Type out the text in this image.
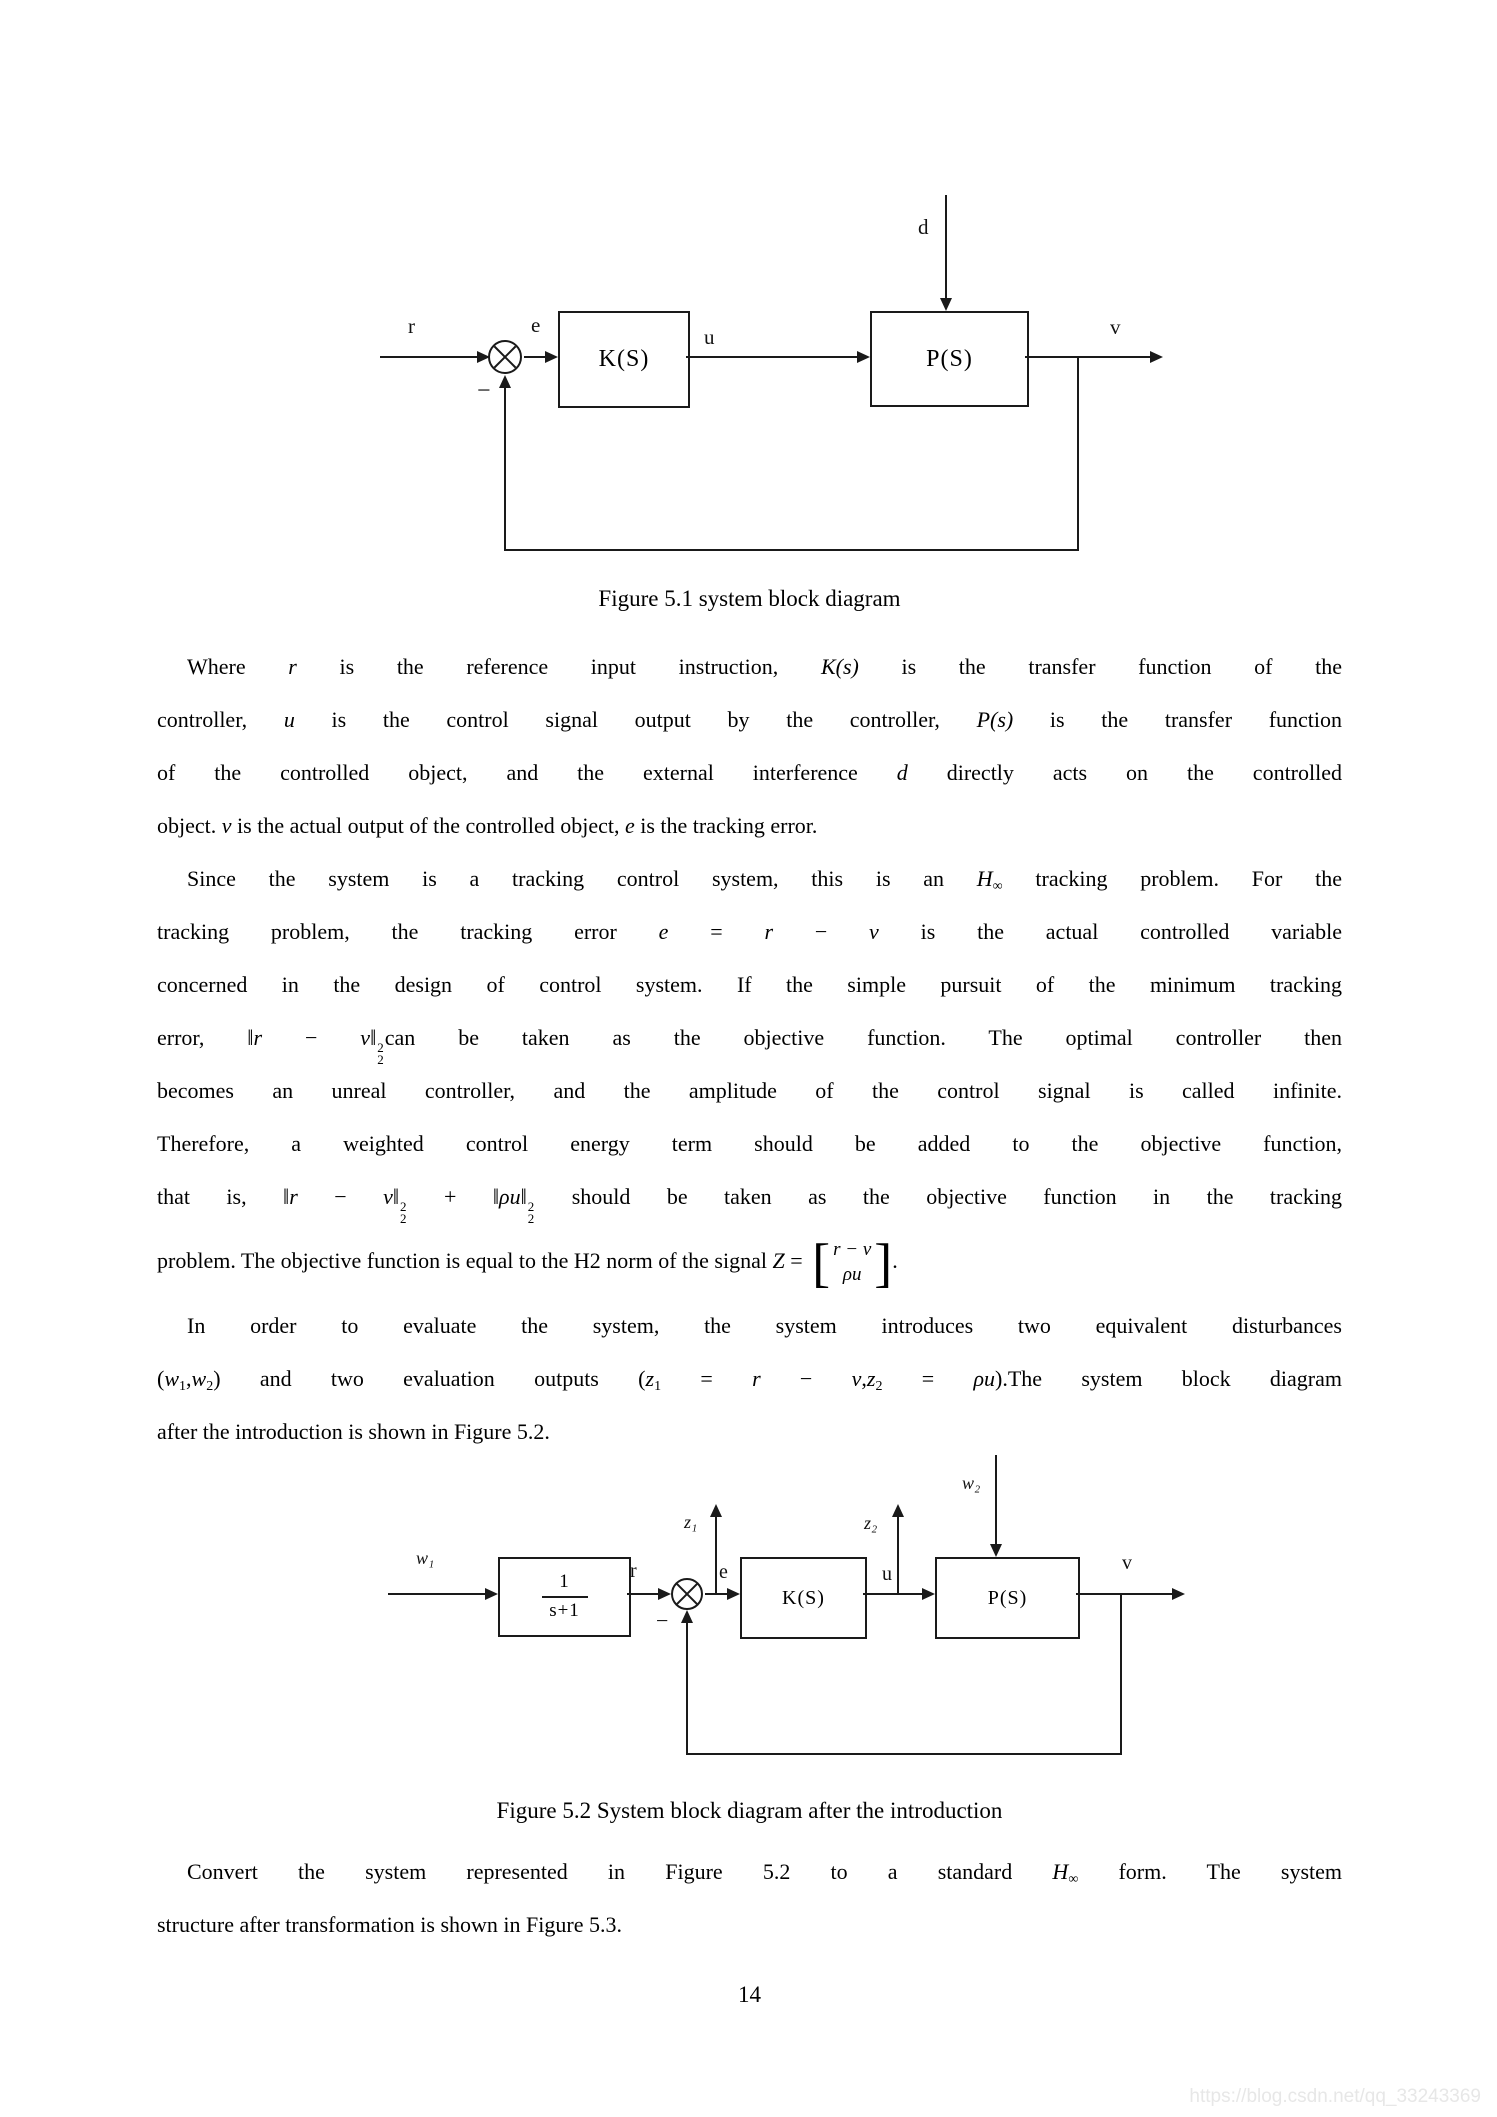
r
−
e
K(S)
u
d
P(S)
v
Figure 5.1 system block diagram
Where r is the reference input instruction, K(s) is the transfer function of the
controller, u is the control signal output by the controller, P(s) is the transfer function
of the controlled object, and the external interference d directly acts on the controlled
object. v is the actual output of the controlled object, e is the tracking error.
Since the system is a tracking control system, this is an H∞ tracking problem. For the
tracking problem, the tracking error e = r − v is the actual controlled variable
concerned in the design of control system. If the simple pursuit of the minimum tracking
error, ‖r − v‖ 2
2
can be taken as the objective function. The optimal controller then
becomes an unreal controller, and the amplitude of the control signal is called infinite.
Therefore, a weighted control energy term should be added to the objective function,
that is, ‖r − v‖ 2
2
+ ‖ρu‖ 2
2
should be taken as the objective function in the tracking
problem. The objective function is equal to the H2 norm of the signal Z = [ r − v
ρu ] .
In order to evaluate the system, the system introduces two equivalent disturbances
(w1,w2) and two evaluation outputs (z1 = r − v,z2 = ρu).The system block diagram
after the introduction is shown in Figure 5.2.
w₁
$\frac{1}{s+1}$
r
−
z₁
e
K(S)
u
z₂
w₂
P(S)
v
Figure 5.2 System block diagram after the introduction
Convert the system represented in Figure 5.2 to a standard H∞ form. The system
structure after transformation is shown in Figure 5.3.
14
https://blog.csdn.net/qq_33243369
